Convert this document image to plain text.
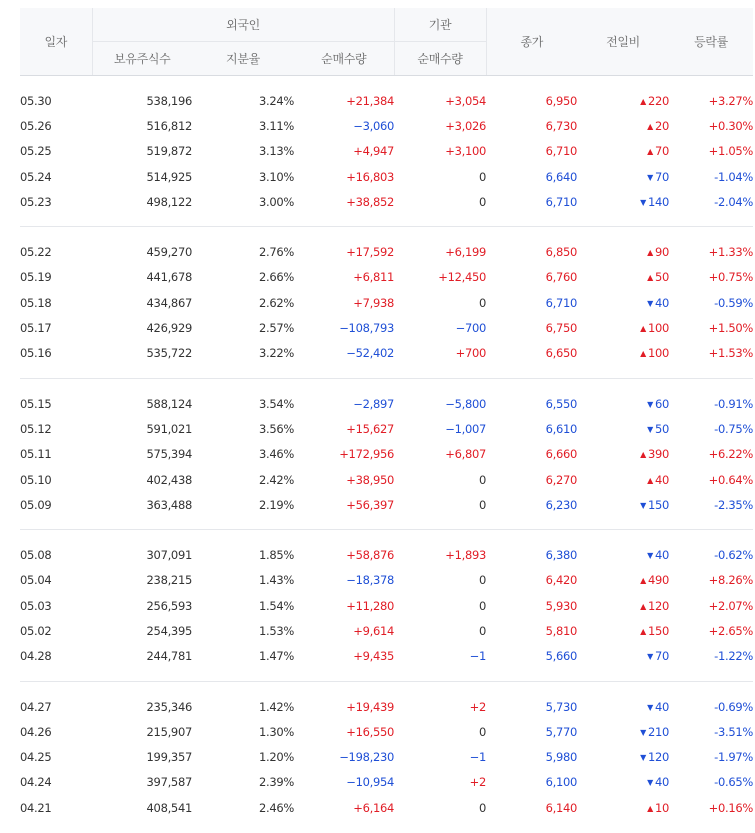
일자	외국인			기관	종가	전일비	등락률
	보유주식수	지분율	순매수량	순매수량			

05.30	538,196	3.24%	+21,384	+3,054	6,950	▲ 220	+3.27%
05.26	516,812	3.11%	−3,060	+3,026	6,730	▲ 20	+0.30%
05.25	519,872	3.13%	+4,947	+3,100	6,710	▲ 70	+1.05%
05.24	514,925	3.10%	+16,803	0	6,640	▼ 70	-1.04%
05.23	498,122	3.00%	+38,852	0	6,710	▼ 140	-2.04%

05.22	459,270	2.76%	+17,592	+6,199	6,850	▲ 90	+1.33%
05.19	441,678	2.66%	+6,811	+12,450	6,760	▲ 50	+0.75%
05.18	434,867	2.62%	+7,938	0	6,710	▼ 40	-0.59%
05.17	426,929	2.57%	−108,793	−700	6,750	▲ 100	+1.50%
05.16	535,722	3.22%	−52,402	+700	6,650	▲ 100	+1.53%

05.15	588,124	3.54%	−2,897	−5,800	6,550	▼ 60	-0.91%
05.12	591,021	3.56%	+15,627	−1,007	6,610	▼ 50	-0.75%
05.11	575,394	3.46%	+172,956	+6,807	6,660	▲ 390	+6.22%
05.10	402,438	2.42%	+38,950	0	6,270	▲ 40	+0.64%
05.09	363,488	2.19%	+56,397	0	6,230	▼ 150	-2.35%

05.08	307,091	1.85%	+58,876	+1,893	6,380	▼ 40	-0.62%
05.04	238,215	1.43%	−18,378	0	6,420	▲ 490	+8.26%
05.03	256,593	1.54%	+11,280	0	5,930	▲ 120	+2.07%
05.02	254,395	1.53%	+9,614	0	5,810	▲ 150	+2.65%
04.28	244,781	1.47%	+9,435	−1	5,660	▼ 70	-1.22%

04.27	235,346	1.42%	+19,439	+2	5,730	▼ 40	-0.69%
04.26	215,907	1.30%	+16,550	0	5,770	▼ 210	-3.51%
04.25	199,357	1.20%	−198,230	−1	5,980	▼ 120	-1.97%
04.24	397,587	2.39%	−10,954	+2	6,100	▼ 40	-0.65%
04.21	408,541	2.46%	+6,164	0	6,140	▲ 10	+0.16%
